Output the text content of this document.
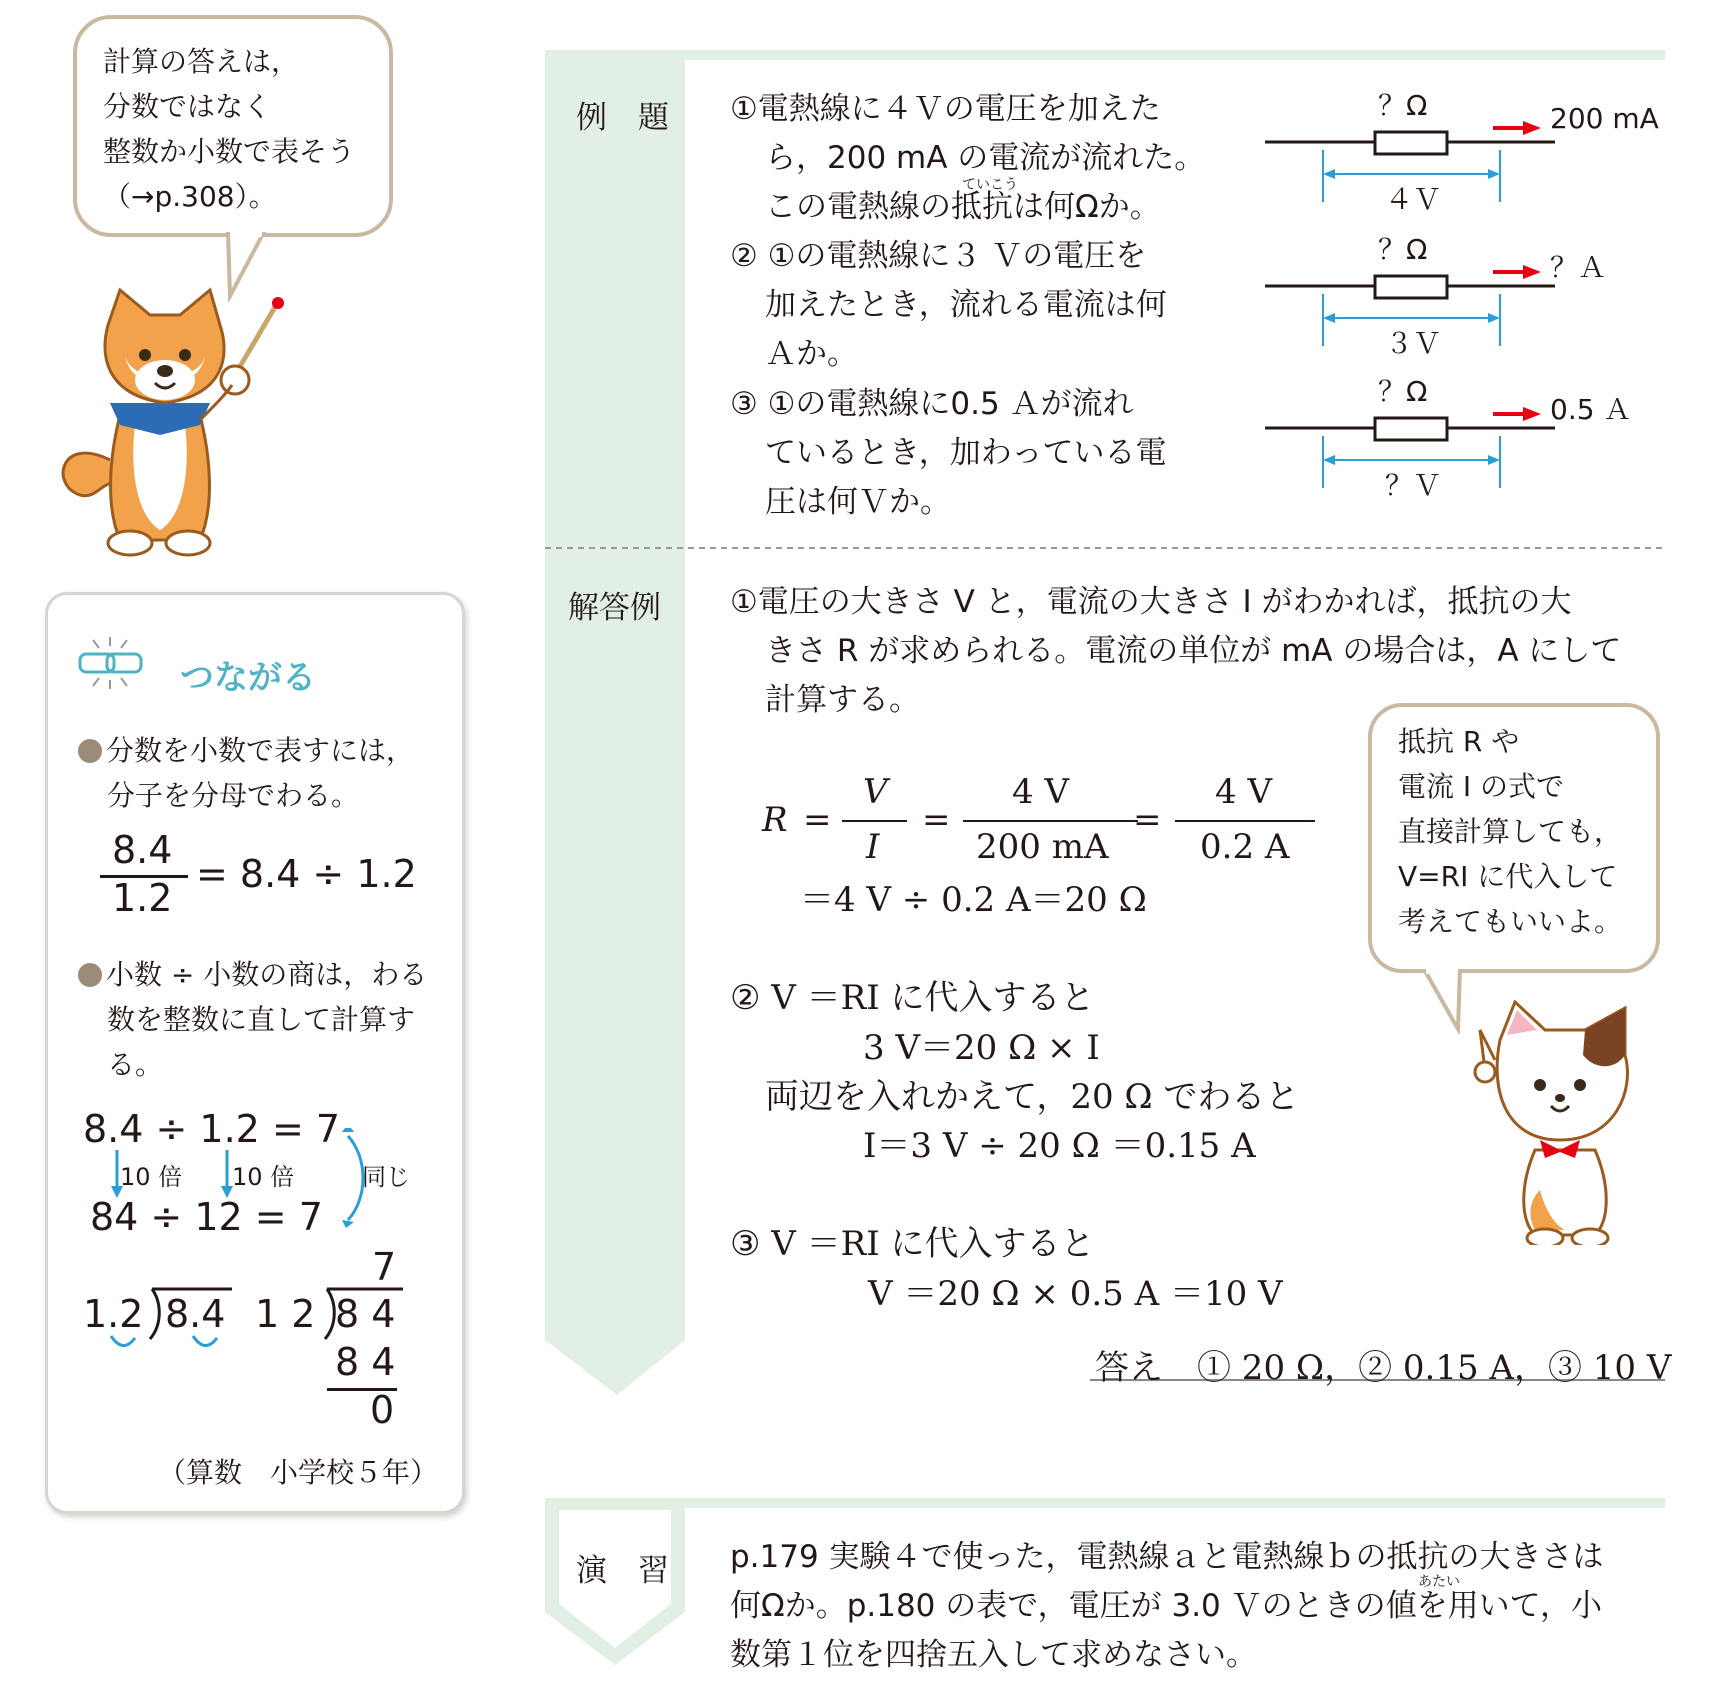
計算の答えは，
分数ではなく
整数か小数で表そう
（→p.308）。
つながる
分数を小数で表すには，
分子を分母でわる。
8.4
1.2
= 8.4 ÷ 1.2
小数 ÷ 小数の商は，わる
数を整数に直して計算す
る。
8.4 ÷ 1.2 = 7
10 倍 10 倍	同じ
84 ÷ 12 = 7
1.2 8.4
7
1 2 8 4
8 4
0
（算数　小学校５年）
例　題 ①電熱線に４Ｖの電圧を加えた
ら，200 mA の電流が流れた。
ていこう
この電熱線の抵抗は何Ωか。
② ①の電熱線に３ Ｖの電圧を
加えたとき，流れる電流は何
Ａか。
③ ①の電熱線に0.5 Ａが流れ
ているとき，加わっている電
圧は何Ｖか。
？Ω	200 mA
４Ｖ
？Ω
？Ａ
３Ｖ
？Ω
0.5 Ａ
？Ｖ
解答例 ①電圧の大きさ V と，電流の大きさ I がわかれば，抵抗の大
きさ R が求められる。電流の単位が mA の場合は，A にして
計算する。
R =
V
I
=
4 V
200 mA
=
4 V
0.2 A
＝4 V ÷ 0.2 A＝20 Ω
② V ＝RI に代入すると
3 V＝20 Ω × I
両辺を入れかえて，20 Ω でわると
I＝3 V ÷ 20 Ω ＝0.15 A
③ V ＝RI に代入すると
V ＝20 Ω × 0.5 A ＝10 V
答え　① 20 Ω，② 0.15 A，③ 10 V
抵抗 R や
電流 I の式で
直接計算しても，
V=RI に代入して
考えてもいいよ。
演　習 p.179 実験４で使った，電熱線ａと電熱線ｂの抵抗の大きさは
あたい
何Ωか。p.180 の表で，電圧が 3.0 Ｖのときの値を用いて，小
数第１位を四捨五入して求めなさい。
